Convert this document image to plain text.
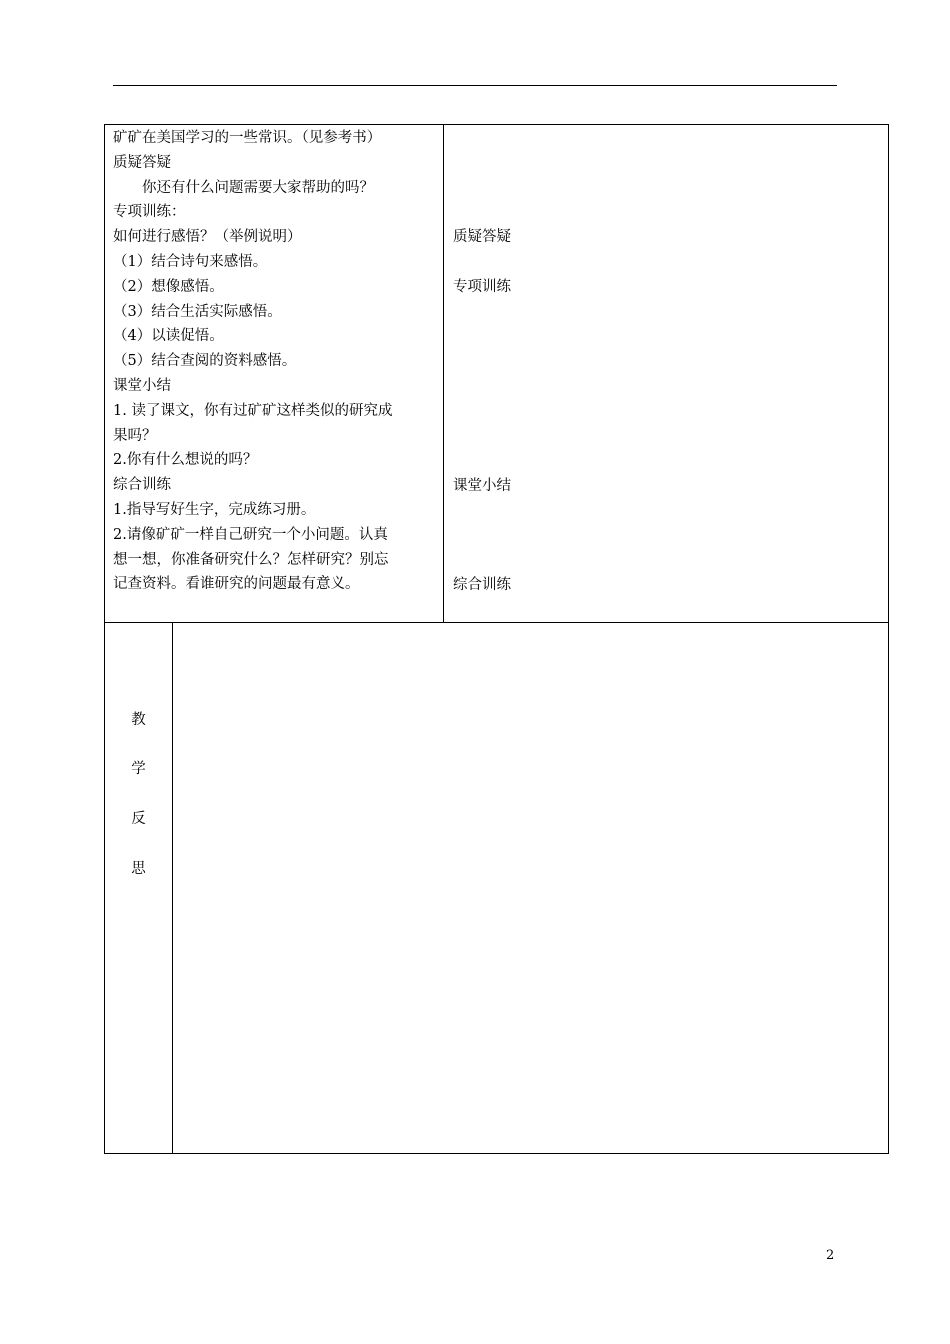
矿矿在美国学习的一些常识。（见参考书）
质疑答疑
你还有什么问题需要大家帮助的吗？
专项训练：
如何进行感悟？（举例说明）
（1）结合诗句来感悟。
（2）想像感悟。
（3）结合生活实际感悟。
（4）以读促悟。
（5）结合查阅的资料感悟。
课堂小结
1. 读了课文，你有过矿矿这样类似的研究成
果吗？
2.你有什么想说的吗？
综合训练
1.指导写好生字，完成练习册。
2.请像矿矿一样自己研究一个小问题。认真
想一想，你准备研究什么？怎样研究？别忘
记查资料。看谁研究的问题最有意义。
质疑答疑
专项训练
课堂小结
综合训练
教
学
反
思
2
